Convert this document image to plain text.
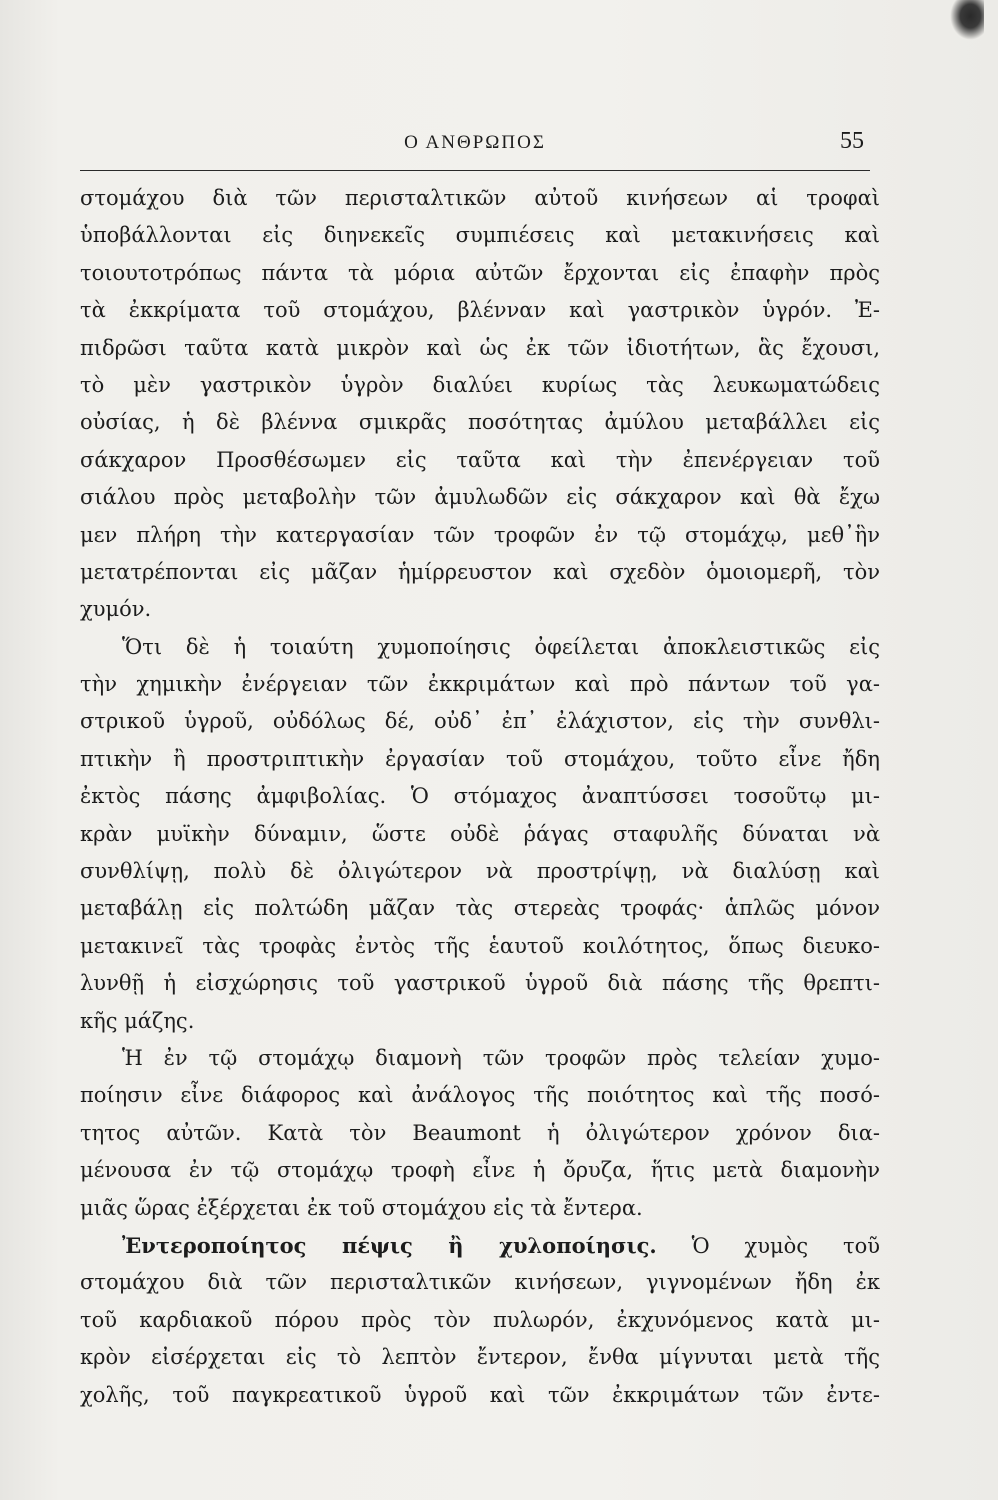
Ο ΑΝΘΡΩΠΟΣ	55
στομάχου διὰ τῶν περισταλτικῶν αὐτοῦ κινήσεων αἱ τροφαὶ
ὑποβάλλονται εἰς διηνεκεῖς συμπιέσεις καὶ μετακινήσεις καὶ
τοιουτοτρόπως πάντα τὰ μόρια αὐτῶν ἔρχονται εἰς ἐπαφὴν πρὸς
τὰ ἐκκρίματα τοῦ στομάχου, βλένναν καὶ γαστρικὸν ὑγρόν. Ἐ-
πιδρῶσι ταῦτα κατὰ μικρὸν καὶ ὡς ἐκ τῶν ἰδιοτήτων, ἃς ἔχουσι,
τὸ μὲν γαστρικὸν ὑγρὸν διαλύει κυρίως τὰς λευκωματώδεις
οὐσίας, ἡ δὲ βλέννα σμικρᾶς ποσότητας ἀμύλου μεταβάλλει εἰς
σάκχαρον Προσθέσωμεν εἰς ταῦτα καὶ τὴν ἐπενέργειαν τοῦ
σιάλου πρὸς μεταβολὴν τῶν ἀμυλωδῶν εἰς σάκχαρον καὶ θὰ ἔχω
μεν πλήρη τὴν κατεργασίαν τῶν τροφῶν ἐν τῷ στομάχῳ, μεθ᾽ἣν
μετατρέπονται εἰς μᾶζαν ἡμίρρευστον καὶ σχεδὸν ὁμοιομερῆ, τὸν
χυμόν.
Ὅτι δὲ ἡ τοιαύτη χυμοποίησις ὀφείλεται ἀποκλειστικῶς εἰς
τὴν χημικὴν ἐνέργειαν τῶν ἐκκριμάτων καὶ πρὸ πάντων τοῦ γα-
στρικοῦ ὑγροῦ, οὐδόλως δέ, οὐδ᾽ ἐπ᾽ ἐλάχιστον, εἰς τὴν συνθλι-
πτικὴν ἢ προστριπτικὴν ἐργασίαν τοῦ στομάχου, τοῦτο εἶνε ἤδη
ἐκτὸς πάσης ἀμφιβολίας. Ὁ στόμαχος ἀναπτύσσει τοσοῦτῳ μι-
κρὰν μυϊκὴν δύναμιν, ὥστε οὐδὲ ῥάγας σταφυλῆς δύναται νὰ
συνθλίψῃ, πολὺ δὲ ὀλιγώτερον νὰ προστρίψῃ, νὰ διαλύσῃ καὶ
μεταβάλῃ εἰς πολτώδη μᾶζαν τὰς στερεὰς τροφάς· ἁπλῶς μόνον
μετακινεῖ τὰς τροφὰς ἐντὸς τῆς ἑαυτοῦ κοιλότητος, ὅπως διευκο-
λυνθῇ ἡ εἰσχώρησις τοῦ γαστρικοῦ ὑγροῦ διὰ πάσης τῆς θρεπτι-
κῆς μάζης.
Ἡ ἐν τῷ στομάχῳ διαμονὴ τῶν τροφῶν πρὸς τελείαν χυμο-
ποίησιν εἶνε διάφορος καὶ ἀνάλογος τῆς ποιότητος καὶ τῆς ποσό-
τητος αὐτῶν. Κατὰ τὸν Beaumont ἡ ὀλιγώτερον χρόνον δια-
μένουσα ἐν τῷ στομάχῳ τροφὴ εἶνε ἡ ὄρυζα, ἥτις μετὰ διαμονὴν
μιᾶς ὥρας ἐξέρχεται ἐκ τοῦ στομάχου εἰς τὰ ἔντερα.
Ἐντεροποίητος πέψις ἢ χυλοποίησις. Ὁ χυμὸς τοῦ
στομάχου διὰ τῶν περισταλτικῶν κινήσεων, γιγνομένων ἤδη ἐκ
τοῦ καρδιακοῦ πόρου πρὸς τὸν πυλωρόν, ἐκχυνόμενος κατὰ μι-
κρὸν εἰσέρχεται εἰς τὸ λεπτὸν ἔντερον, ἔνθα μίγνυται μετὰ τῆς
χολῆς, τοῦ παγκρεατικοῦ ὑγροῦ καὶ τῶν ἐκκριμάτων τῶν ἐντε-
